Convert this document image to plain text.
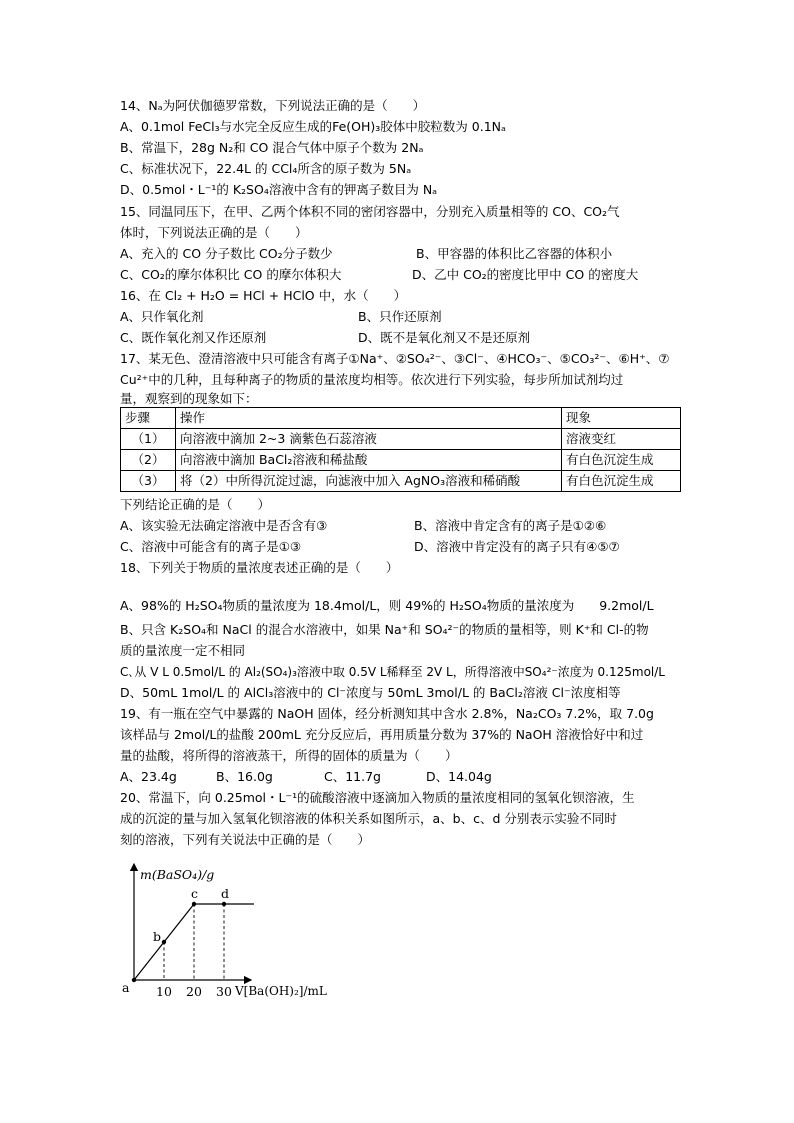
14、Nₐ为阿伏伽德罗常数，下列说法正确的是（　　）
A、0.1mol FeCl₃与水完全反应生成的Fe(OH)₃胶体中胶粒数为 0.1Nₐ
B、常温下，28g N₂和 CO 混合气体中原子个数为 2Nₐ
C、标准状况下，22.4L 的 CCl₄所含的原子数为 5Nₐ
D、0.5mol・L⁻¹的 K₂SO₄溶液中含有的钾离子数目为 Nₐ
15、同温同压下，在甲、乙两个体积不同的密闭容器中，分别充入质量相等的 CO、CO₂气
体时，下列说法正确的是（　　）
A、充入的 CO 分子数比 CO₂分子数少	B、甲容器的体积比乙容器的体积小
C、CO₂的摩尔体积比 CO 的摩尔体积大	D、乙中 CO₂的密度比甲中 CO 的密度大
16、在 Cl₂ + H₂O = HCl + HClO 中，水（　　）
A、只作氧化剂	B、只作还原剂
C、既作氧化剂又作还原剂	D、既不是氧化剂又不是还原剂
17、某无色、澄清溶液中只可能含有离子①Na⁺、②SO₄²⁻、③Cl⁻、④HCO₃⁻、⑤CO₃²⁻、⑥H⁺、⑦
Cu²⁺中的几种，且每种离子的物质的量浓度均相等。依次进行下列实验，每步所加试剂均过
量，观察到的现象如下：
步骤	操作	现象
（1）	向溶液中滴加 2~3 滴紫色石蕊溶液	溶液变红
（2）	向溶液中滴加 BaCl₂溶液和稀盐酸	有白色沉淀生成
（3）	将（2）中所得沉淀过滤，向滤液中加入 AgNO₃溶液和稀硝酸	有白色沉淀生成
下列结论正确的是（　　）
A、该实验无法确定溶液中是否含有③	B、溶液中肯定含有的离子是①②⑥
C、溶液中可能含有的离子是①③	D、溶液中肯定没有的离子只有④⑤⑦
18、下列关于物质的量浓度表述正确的是（　　）
A、98%的 H₂SO₄物质的量浓度为 18.4mol/L，则 49%的 H₂SO₄物质的量浓度为　　9.2mol/L
B、只含 K₂SO₄和 NaCl 的混合水溶液中，如果 Na⁺和 SO₄²⁻的物质的量相等，则 K⁺和 Cl-的物
质的量浓度一定不相同
C､从 V L 0.5mol/L 的 Al₂(SO₄)₃溶液中取 0.5V L稀释至 2V L，所得溶液中SO₄²⁻浓度为 0.125mol/L
D、50mL 1mol/L 的 AlCl₃溶液中的 Cl⁻浓度与 50mL 3mol/L 的 BaCl₂溶液 Cl⁻浓度相等
19、有一瓶在空气中暴露的 NaOH 固体，经分析测知其中含水 2.8%，Na₂CO₃ 7.2%，取 7.0g
该样品与 2mol/L的盐酸 200mL 充分反应后，再用质量分数为 37%的 NaOH 溶液恰好中和过
量的盐酸，将所得的溶液蒸干，所得的固体的质量为（　　）
A、23.4g	B、16.0g	C、11.7g	D、14.04g
20、常温下，向 0.25mol・L⁻¹的硫酸溶液中逐滴加入物质的量浓度相同的氢氧化钡溶液，生
成的沉淀的量与加入氢氧化钡溶液的体积关系如图所示，a、b、c、d 分别表示实验不同时
刻的溶液，下列有关说法中正确的是（　　）
m(BaSO₄)/g
V[Ba(OH)₂]/mL
10 20 30
a
b
c d
